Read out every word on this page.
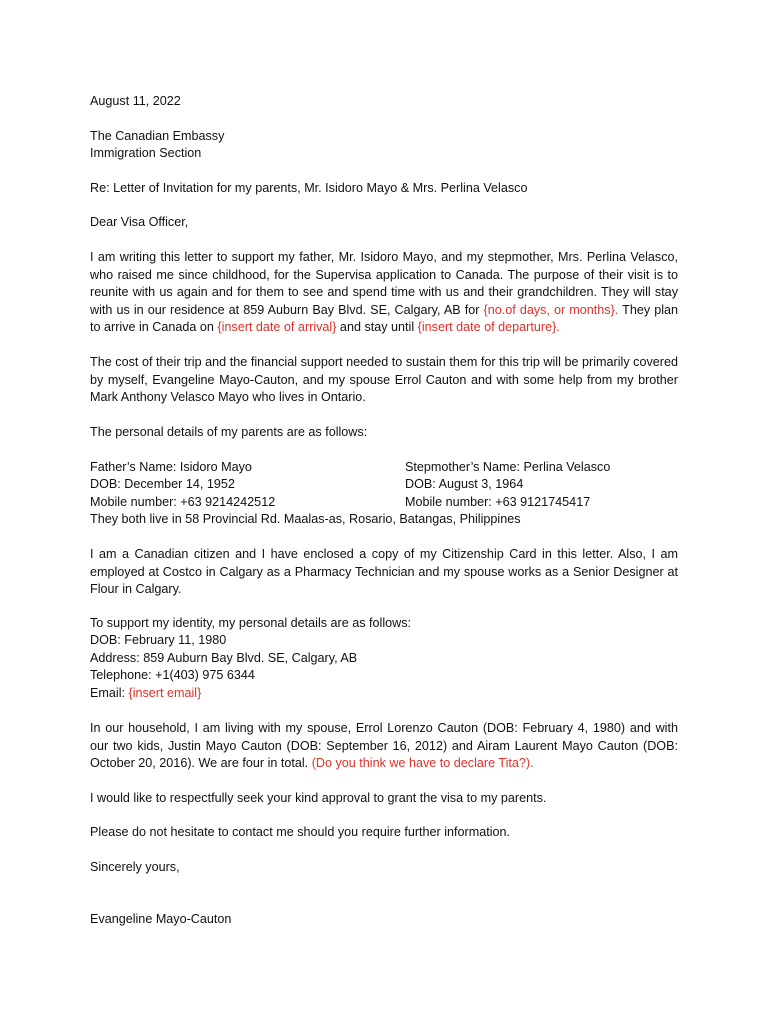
August 11, 2022
The Canadian Embassy
Immigration Section
Re: Letter of Invitation for my parents, Mr. Isidoro Mayo & Mrs. Perlina Velasco
Dear Visa Officer,
I am writing this letter to support my father, Mr. Isidoro Mayo, and my stepmother, Mrs. Perlina Velasco, who raised me since childhood, for the Supervisa application to Canada. The purpose of their visit is to reunite with us again and for them to see and spend time with us and their grandchildren. They will stay with us in our residence at 859 Auburn Bay Blvd. SE, Calgary, AB for {no.of days, or months}. They plan to arrive in Canada on {insert date of arrival} and stay until {insert date of departure}.
The cost of their trip and the financial support needed to sustain them for this trip will be primarily covered by myself, Evangeline Mayo-Cauton, and my spouse Errol Cauton and with some help from my brother Mark Anthony Velasco Mayo who lives in Ontario.
The personal details of my parents are as follows:
Father’s Name: Isidoro Mayo
DOB: December 14, 1952
Mobile number: +63 9214242512
Stepmother’s Name: Perlina Velasco
DOB: August 3, 1964
Mobile number: +63 9121745417
They both live in 58 Provincial Rd. Maalas-as, Rosario, Batangas, Philippines
I am a Canadian citizen and I have enclosed a copy of my Citizenship Card in this letter. Also, I am employed at Costco in Calgary as a Pharmacy Technician and my spouse works as a Senior Designer at Flour in Calgary.
To support my identity, my personal details are as follows:
DOB: February 11, 1980
Address: 859 Auburn Bay Blvd. SE, Calgary, AB
Telephone: +1(403) 975 6344
Email: {insert email}
In our household, I am living with my spouse, Errol Lorenzo Cauton (DOB: February 4, 1980) and with our two kids, Justin Mayo Cauton (DOB: September 16, 2012) and Airam Laurent Mayo Cauton (DOB: October 20, 2016). We are four in total. (Do you think we have to declare Tita?).
I would like to respectfully seek your kind approval to grant the visa to my parents.
Please do not hesitate to contact me should you require further information.
Sincerely yours,
Evangeline Mayo-Cauton
